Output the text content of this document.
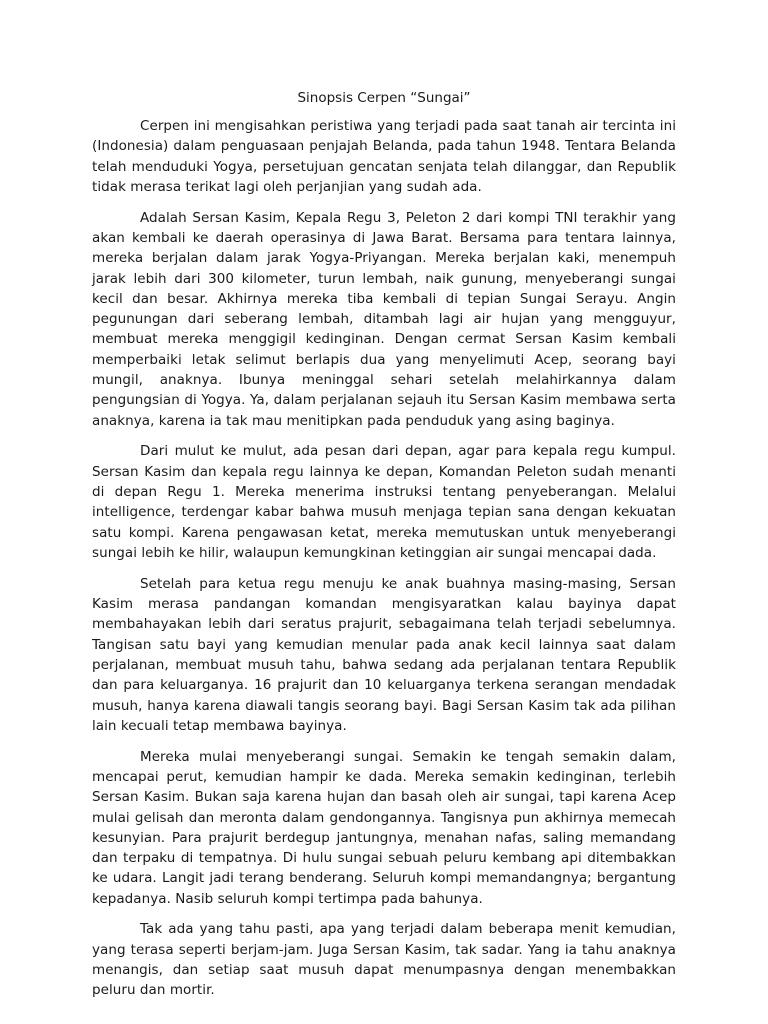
Sinopsis Cerpen “Sungai”

Cerpen ini mengisahkan peristiwa yang terjadi pada saat tanah air tercinta ini (Indonesia) dalam penguasaan penjajah Belanda, pada tahun 1948. Tentara Belanda telah menduduki Yogya, persetujuan gencatan senjata telah dilanggar, dan Republik tidak merasa terikat lagi oleh perjanjian yang sudah ada.

Adalah Sersan Kasim, Kepala Regu 3, Peleton 2 dari kompi TNI terakhir yang akan kembali ke daerah operasinya di Jawa Barat. Bersama para tentara lainnya, mereka berjalan dalam jarak Yogya-Priyangan. Mereka berjalan kaki, menempuh jarak lebih dari 300 kilometer, turun lembah, naik gunung, menyeberangi sungai kecil dan besar. Akhirnya mereka tiba kembali di tepian Sungai Serayu. Angin pegunungan dari seberang lembah, ditambah lagi air hujan yang mengguyur, membuat mereka menggigil kedinginan. Dengan cermat Sersan Kasim kembali memperbaiki letak selimut berlapis dua yang menyelimuti Acep, seorang bayi mungil, anaknya. Ibunya meninggal sehari setelah melahirkannya dalam pengungsian di Yogya. Ya, dalam perjalanan sejauh itu Sersan Kasim membawa serta anaknya, karena ia tak mau menitipkan pada penduduk yang asing baginya.

Dari mulut ke mulut, ada pesan dari depan, agar para kepala regu kumpul. Sersan Kasim dan kepala regu lainnya ke depan, Komandan Peleton sudah menanti di depan Regu 1. Mereka menerima instruksi tentang penyeberangan. Melalui intelligence, terdengar kabar bahwa musuh menjaga tepian sana dengan kekuatan satu kompi. Karena pengawasan ketat, mereka memutuskan untuk menyeberangi sungai lebih ke hilir, walaupun kemungkinan ketinggian air sungai mencapai dada.

Setelah para ketua regu menuju ke anak buahnya masing-masing, Sersan Kasim merasa pandangan komandan mengisyaratkan kalau bayinya dapat membahayakan lebih dari seratus prajurit, sebagaimana telah terjadi sebelumnya. Tangisan satu bayi yang kemudian menular pada anak kecil lainnya saat dalam perjalanan, membuat musuh tahu, bahwa sedang ada perjalanan tentara Republik dan para keluarganya. 16 prajurit dan 10 keluarganya terkena serangan mendadak musuh, hanya karena diawali tangis seorang bayi. Bagi Sersan Kasim tak ada pilihan lain kecuali tetap membawa bayinya.

Mereka mulai menyeberangi sungai. Semakin ke tengah semakin dalam, mencapai perut, kemudian hampir ke dada. Mereka semakin kedinginan, terlebih Sersan Kasim. Bukan saja karena hujan dan basah oleh air sungai, tapi karena Acep mulai gelisah dan meronta dalam gendongannya. Tangisnya pun akhirnya memecah kesunyian. Para prajurit berdegup jantungnya, menahan nafas, saling memandang dan terpaku di tempatnya. Di hulu sungai sebuah peluru kembang api ditembakkan ke udara. Langit jadi terang benderang. Seluruh kompi memandangnya; bergantung kepadanya. Nasib seluruh kompi tertimpa pada bahunya.

Tak ada yang tahu pasti, apa yang terjadi dalam beberapa menit kemudian, yang terasa seperti berjam-jam. Juga Sersan Kasim, tak sadar. Yang ia tahu anaknya menangis, dan setiap saat musuh dapat menumpasnya dengan menembakkan peluru dan mortir.
